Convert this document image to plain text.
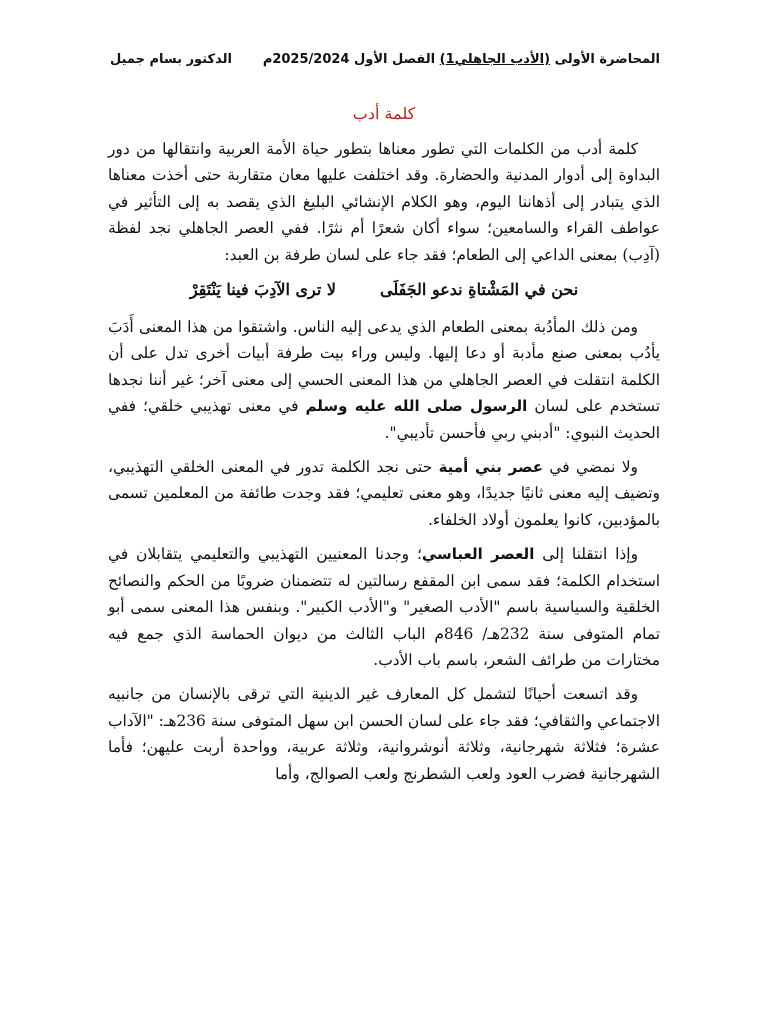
المحاضرة الأولى (الأدب الجاهلي1) الفصل الأول 2025/2024م
الدكتور بسام جميل
كلمة أدب

كلمة أدب من الكلمات التي تطور معناها بتطور حياة الأمة العربية وانتقالها من دور البداوة إلى أدوار المدنية والحضارة. وقد اختلفت عليها معان متقاربة حتى أخذت معناها الذي يتبادر إلى أذهاننا اليوم، وهو الكلام الإنشائي البليغ الذي يقصد به إلى التأثير في عواطف القراء والسامعين؛ سواء أكان شعرًا أم نثرًا. ففي العصر الجاهلي نجد لفظة (آدِب) بمعنى الداعي إلى الطعام؛ فقد جاء على لسان طرفة بن العبد:

نحن في المَشْتاةِ ندعو الجَفَلَى
لا ترى الآدِبَ فينا يَنْتَقِرْ

ومن ذلك المأدُبة بمعنى الطعام الذي يدعى إليه الناس. واشتقوا من هذا المعنى أَدَبَ يأدُب بمعنى صنع مأدبة أو دعا إليها. وليس وراء بيت طرفة أبيات أخرى تدل على أن الكلمة انتقلت في العصر الجاهلي من هذا المعنى الحسي إلى معنى آخر؛ غير أننا نجدها تستخدم على لسان الرسول صلى الله عليه وسلم في معنى تهذيبي خلقي؛ ففي الحديث النبوي: "أدبني ربي فأحسن تأديبي".

ولا نمضي في عصر بني أمية حتى نجد الكلمة تدور في المعنى الخلقي التهذيبي، وتضيف إليه معنى ثانيًا جديدًا، وهو معنى تعليمي؛ فقد وجدت طائفة من المعلمين تسمى بالمؤدبين، كانوا يعلمون أولاد الخلفاء.

وإذا انتقلنا إلى العصر العباسي؛ وجدنا المعنيين التهذيبي والتعليمي يتقابلان في استخدام الكلمة؛ فقد سمى ابن المقفع رسالتين له تتضمنان ضروبًا من الحكم والنصائح الخلقية والسياسية باسم "الأدب الصغير" و"الأدب الكبير". وبنفس هذا المعنى سمى أبو تمام المتوفى سنة 232هـ/ 846م الباب الثالث من ديوان الحماسة الذي جمع فيه مختارات من طرائف الشعر، باسم باب الأدب.

وقد اتسعت أحيانًا لتشمل كل المعارف غير الدينية التي ترقى بالإنسان من جانبيه الاجتماعي والثقافي؛ فقد جاء على لسان الحسن ابن سهل المتوفى سنة 236هـ: "الآداب عشرة؛ فثلاثة شهرجانية، وثلاثة أنوشروانية، وثلاثة عربية، وواحدة أربت عليهن؛ فأما الشهرجانية فضرب العود ولعب الشطرنج ولعب الصوالج، وأما
